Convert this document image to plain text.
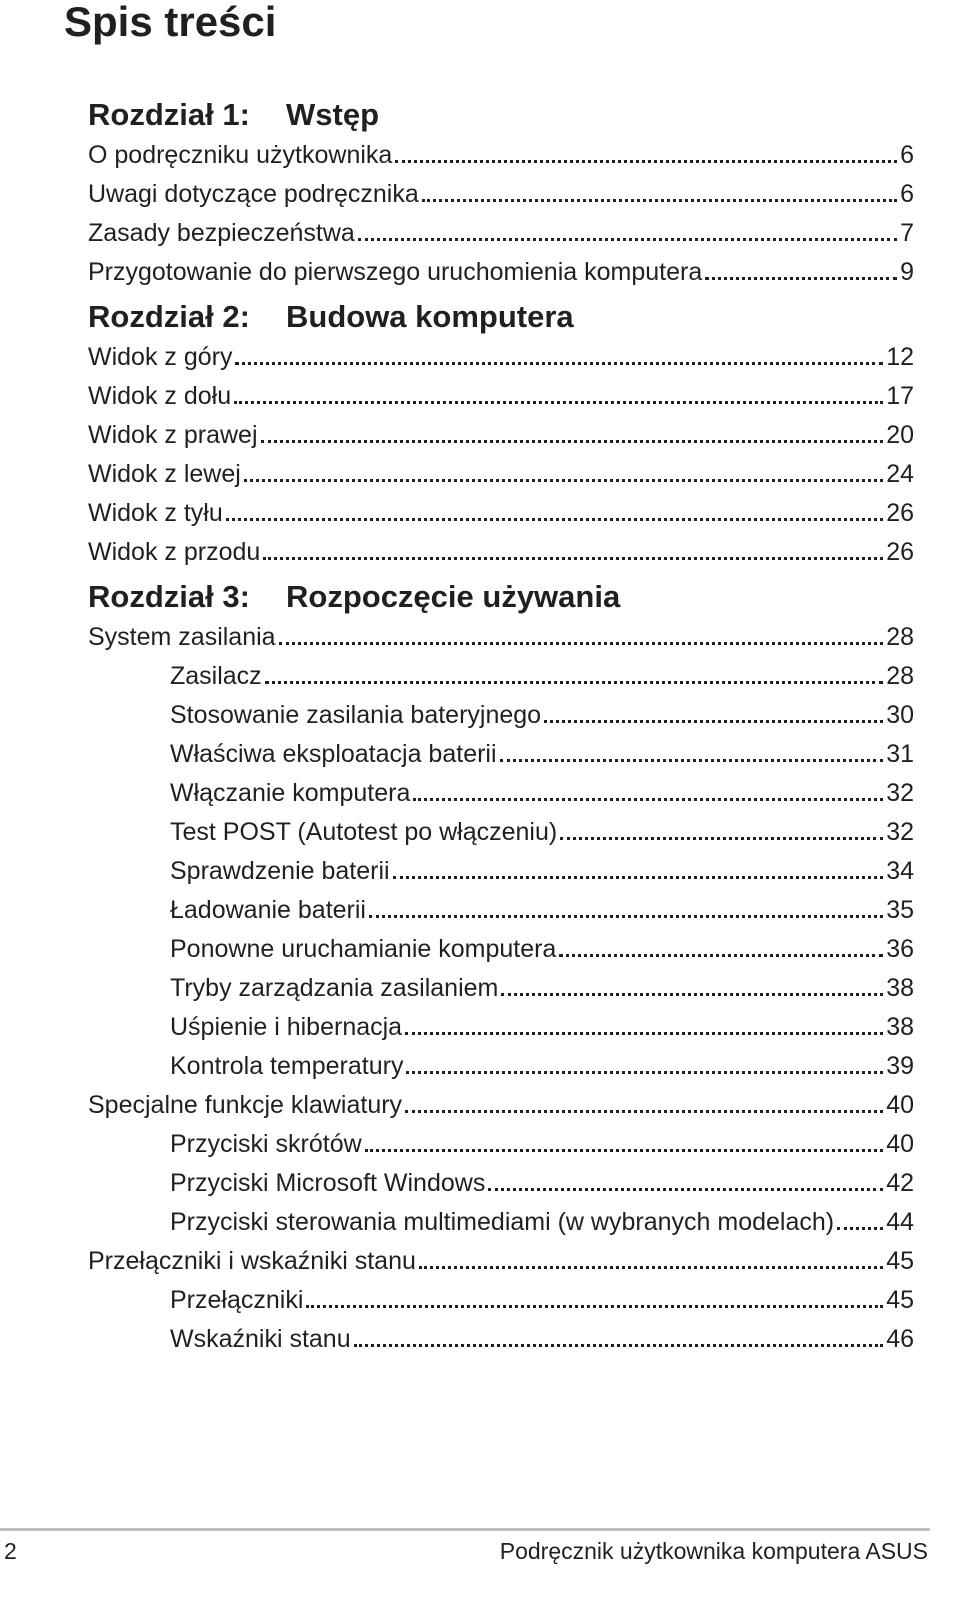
Spis treści
Rozdział 1:	Wstęp
O podręczniku użytkownika	6
Uwagi dotyczące podręcznika	6
Zasady bezpieczeństwa	7
Przygotowanie do pierwszego uruchomienia komputera	9
Rozdział 2:	Budowa komputera
Widok z góry	12
Widok z dołu	17
Widok z prawej	20
Widok z lewej	24
Widok z tyłu	26
Widok z przodu	26
Rozdział 3:	Rozpoczęcie używania
System zasilania	28
Zasilacz	28
Stosowanie zasilania bateryjnego	30
Właściwa eksploatacja baterii	31
Włączanie komputera	32
Test POST (Autotest po włączeniu)	32
Sprawdzenie baterii	34
Ładowanie baterii	35
Ponowne uruchamianie komputera	36
Tryby zarządzania zasilaniem	38
Uśpienie i hibernacja	38
Kontrola temperatury	39
Specjalne funkcje klawiatury	40
Przyciski skrótów	40
Przyciski Microsoft Windows	42
Przyciski sterowania multimediami (w wybranych modelach) 44
Przełączniki i wskaźniki stanu	45
Przełączniki	45
Wskaźniki stanu	46
2	Podręcznik użytkownika komputera ASUS
